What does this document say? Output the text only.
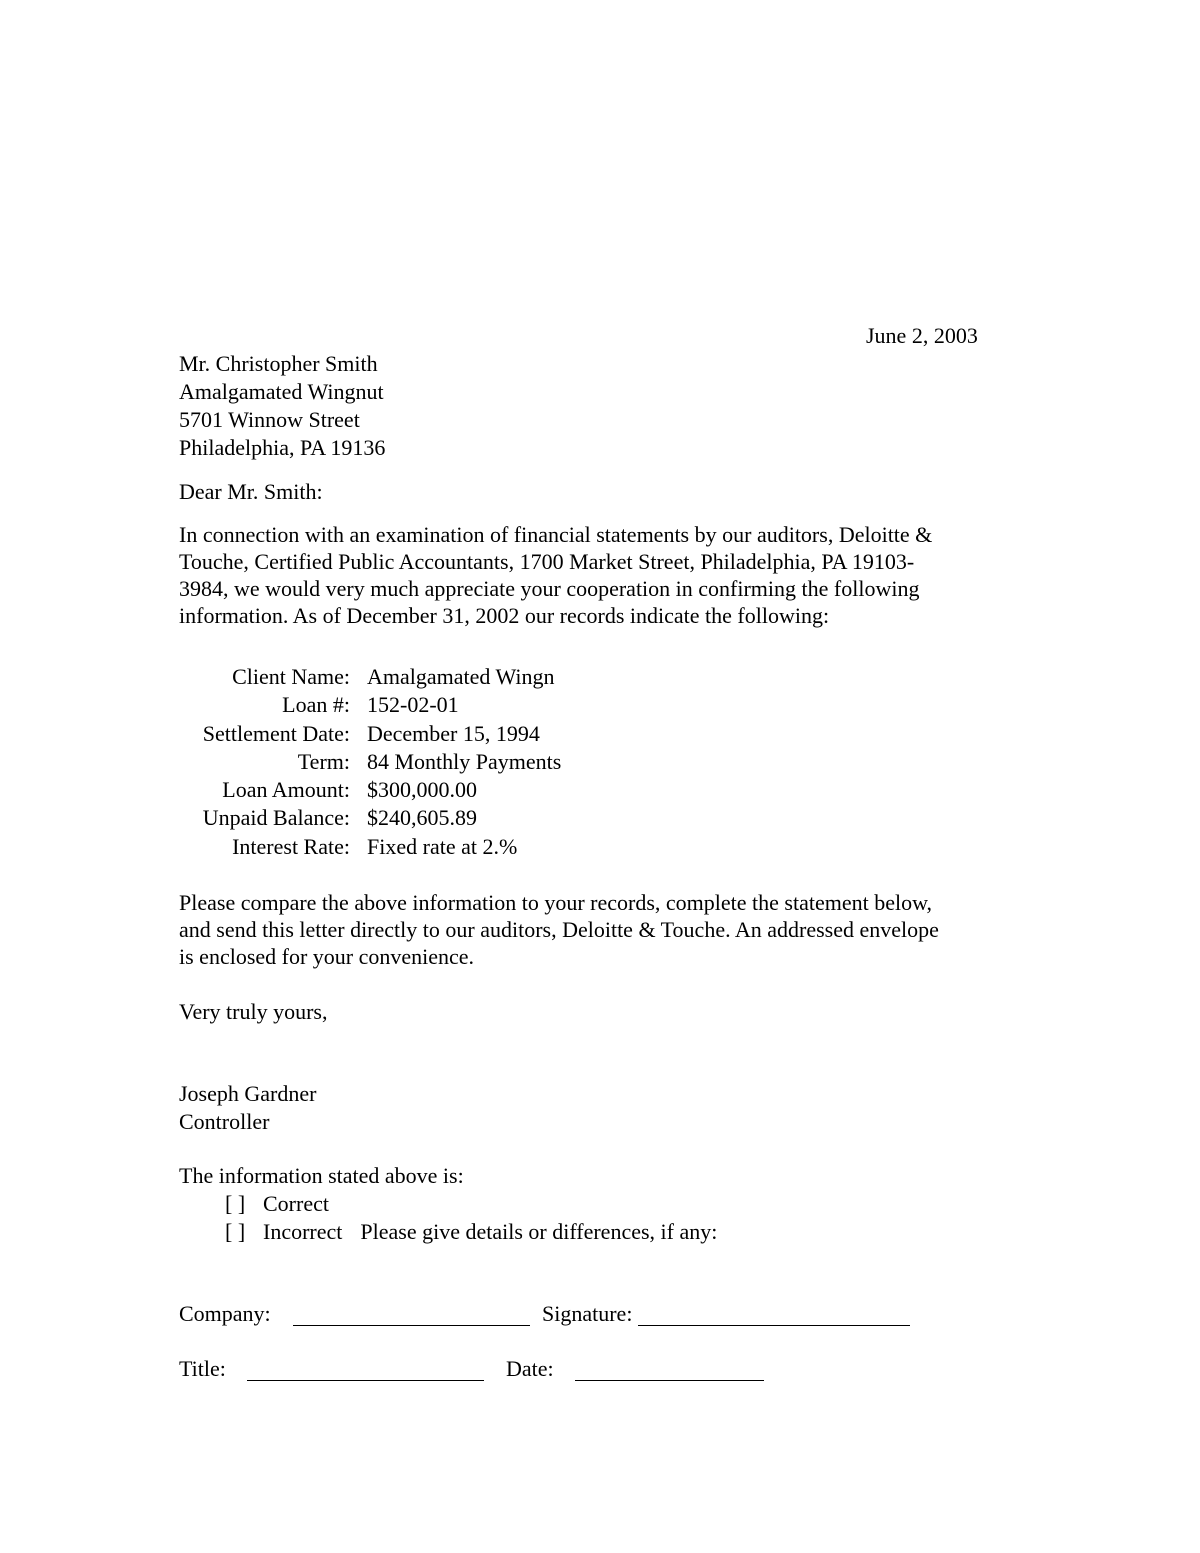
June 2, 2003
Mr. Christopher Smith
Amalgamated Wingnut
5701 Winnow Street
Philadelphia, PA 19136
Dear Mr. Smith:
In connection with an examination of financial statements by our auditors, Deloitte &
Touche, Certified Public Accountants, 1700 Market Street, Philadelphia, PA 19103-
3984, we would very much appreciate your cooperation in confirming the following
information. As of December 31, 2002 our records indicate the following:
Client Name: Amalgamated Wingn
Loan #: 152-02-01
Settlement Date: December 15, 1994
Term: 84 Monthly Payments
Loan Amount: $300,000.00
Unpaid Balance: $240,605.89
Interest Rate: Fixed rate at 2.%
Please compare the above information to your records, complete the statement below,
and send this letter directly to our auditors, Deloitte & Touche. An addressed envelope
is enclosed for your convenience.
Very truly yours,
Joseph Gardner
Controller
The information stated above is:
[ ] Correct
[ ] Incorrect Please give details or differences, if any:
Company:	Signature:
Title:	Date:
